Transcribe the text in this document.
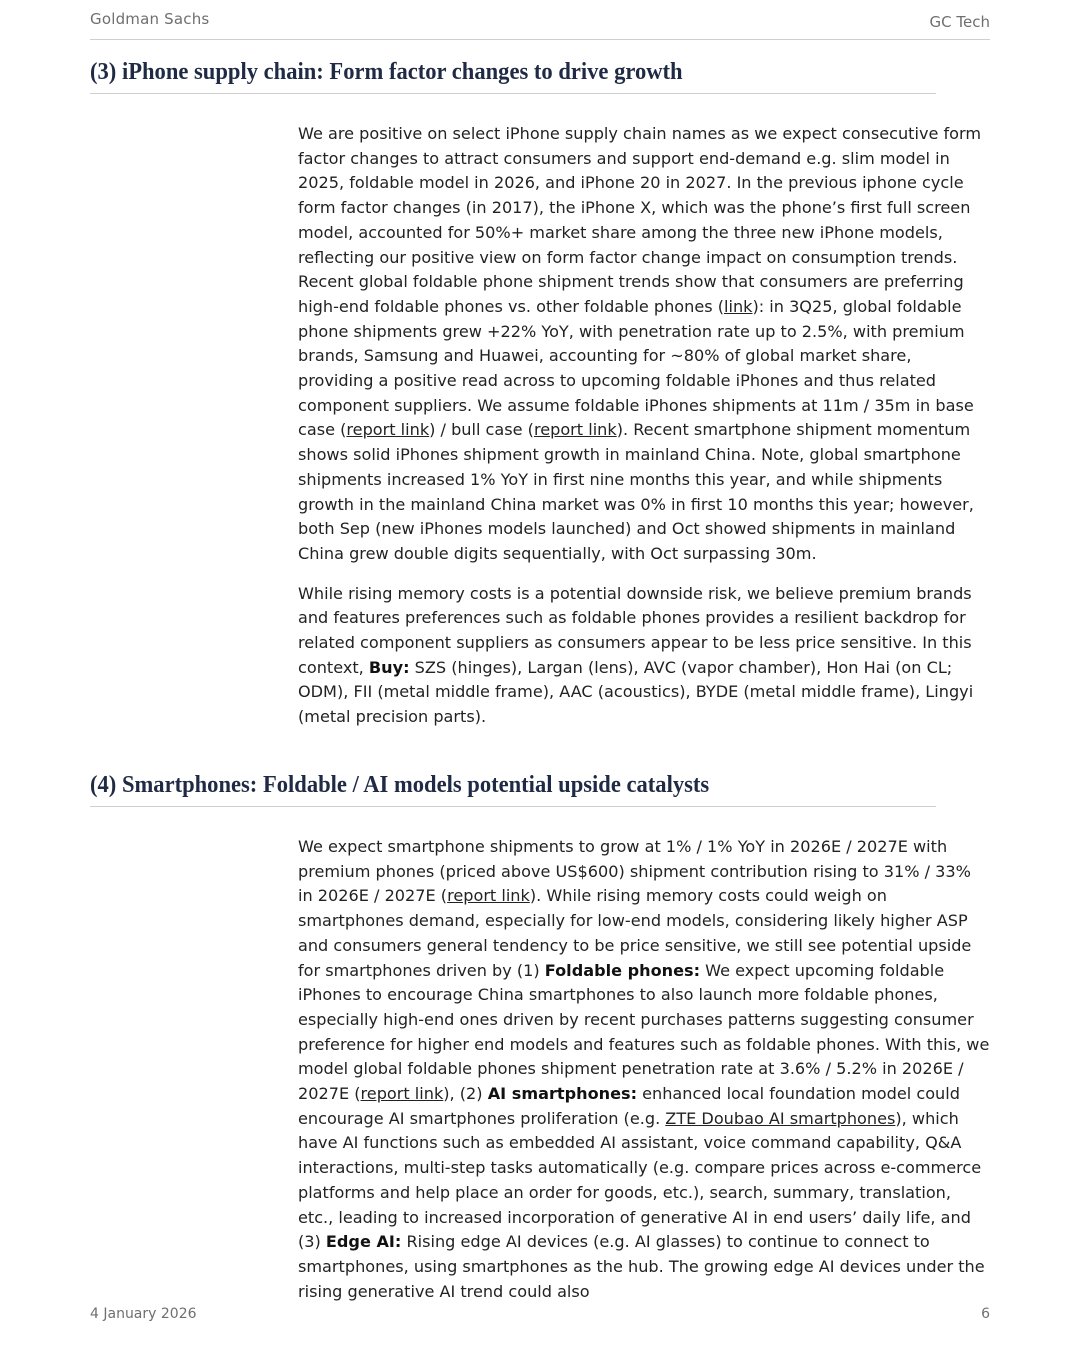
Goldman Sachs	GC Tech
(3) iPhone supply chain: Form factor changes to drive growth

We are positive on select iPhone supply chain names as we expect consecutive form factor changes to attract consumers and support end-demand e.g. slim model in 2025, foldable model in 2026, and iPhone 20 in 2027. In the previous iphone cycle form factor changes (in 2017), the iPhone X, which was the phone’s first full screen model, accounted for 50%+ market share among the three new iPhone models, reflecting our positive view on form factor change impact on consumption trends. Recent global foldable phone shipment trends show that consumers are preferring high-end foldable phones vs. other foldable phones (link): in 3Q25, global foldable phone shipments grew +22% YoY, with penetration rate up to 2.5%, with premium brands, Samsung and Huawei, accounting for ~80% of global market share, providing a positive read across to upcoming foldable iPhones and thus related component suppliers. We assume foldable iPhones shipments at 11m / 35m in base case (report link) / bull case (report link). Recent smartphone shipment momentum shows solid iPhones shipment growth in mainland China. Note, global smartphone shipments increased 1% YoY in first nine months this year, and while shipments growth in the mainland China market was 0% in first 10 months this year; however, both Sep (new iPhones models launched) and Oct showed shipments in mainland China grew double digits sequentially, with Oct surpassing 30m.

While rising memory costs is a potential downside risk, we believe premium brands and features preferences such as foldable phones provides a resilient backdrop for related component suppliers as consumers appear to be less price sensitive. In this context, Buy: SZS (hinges), Largan (lens), AVC (vapor chamber), Hon Hai (on CL; ODM), FII (metal middle frame), AAC (acoustics), BYDE (metal middle frame), Lingyi (metal precision parts).

(4) Smartphones: Foldable / AI models potential upside catalysts

We expect smartphone shipments to grow at 1% / 1% YoY in 2026E / 2027E with premium phones (priced above US$600) shipment contribution rising to 31% / 33% in 2026E / 2027E (report link). While rising memory costs could weigh on smartphones demand, especially for low-end models, considering likely higher ASP and consumers general tendency to be price sensitive, we still see potential upside for smartphones driven by (1) Foldable phones: We expect upcoming foldable iPhones to encourage China smartphones to also launch more foldable phones, especially high-end ones driven by recent purchases patterns suggesting consumer preference for higher end models and features such as foldable phones. With this, we model global foldable phones shipment penetration rate at 3.6% / 5.2% in 2026E / 2027E (report link), (2) AI smartphones: enhanced local foundation model could encourage AI smartphones proliferation (e.g. ZTE Doubao AI smartphones), which have AI functions such as embedded AI assistant, voice command capability, Q&A interactions, multi-step tasks automatically (e.g. compare prices across e-commerce platforms and help place an order for goods, etc.), search, summary, translation, etc., leading to increased incorporation of generative AI in end users’ daily life, and (3) Edge AI: Rising edge AI devices (e.g. AI glasses) to continue to connect to smartphones, using smartphones as the hub. The growing edge AI devices under the rising generative AI trend could also

4 January 2026	6
